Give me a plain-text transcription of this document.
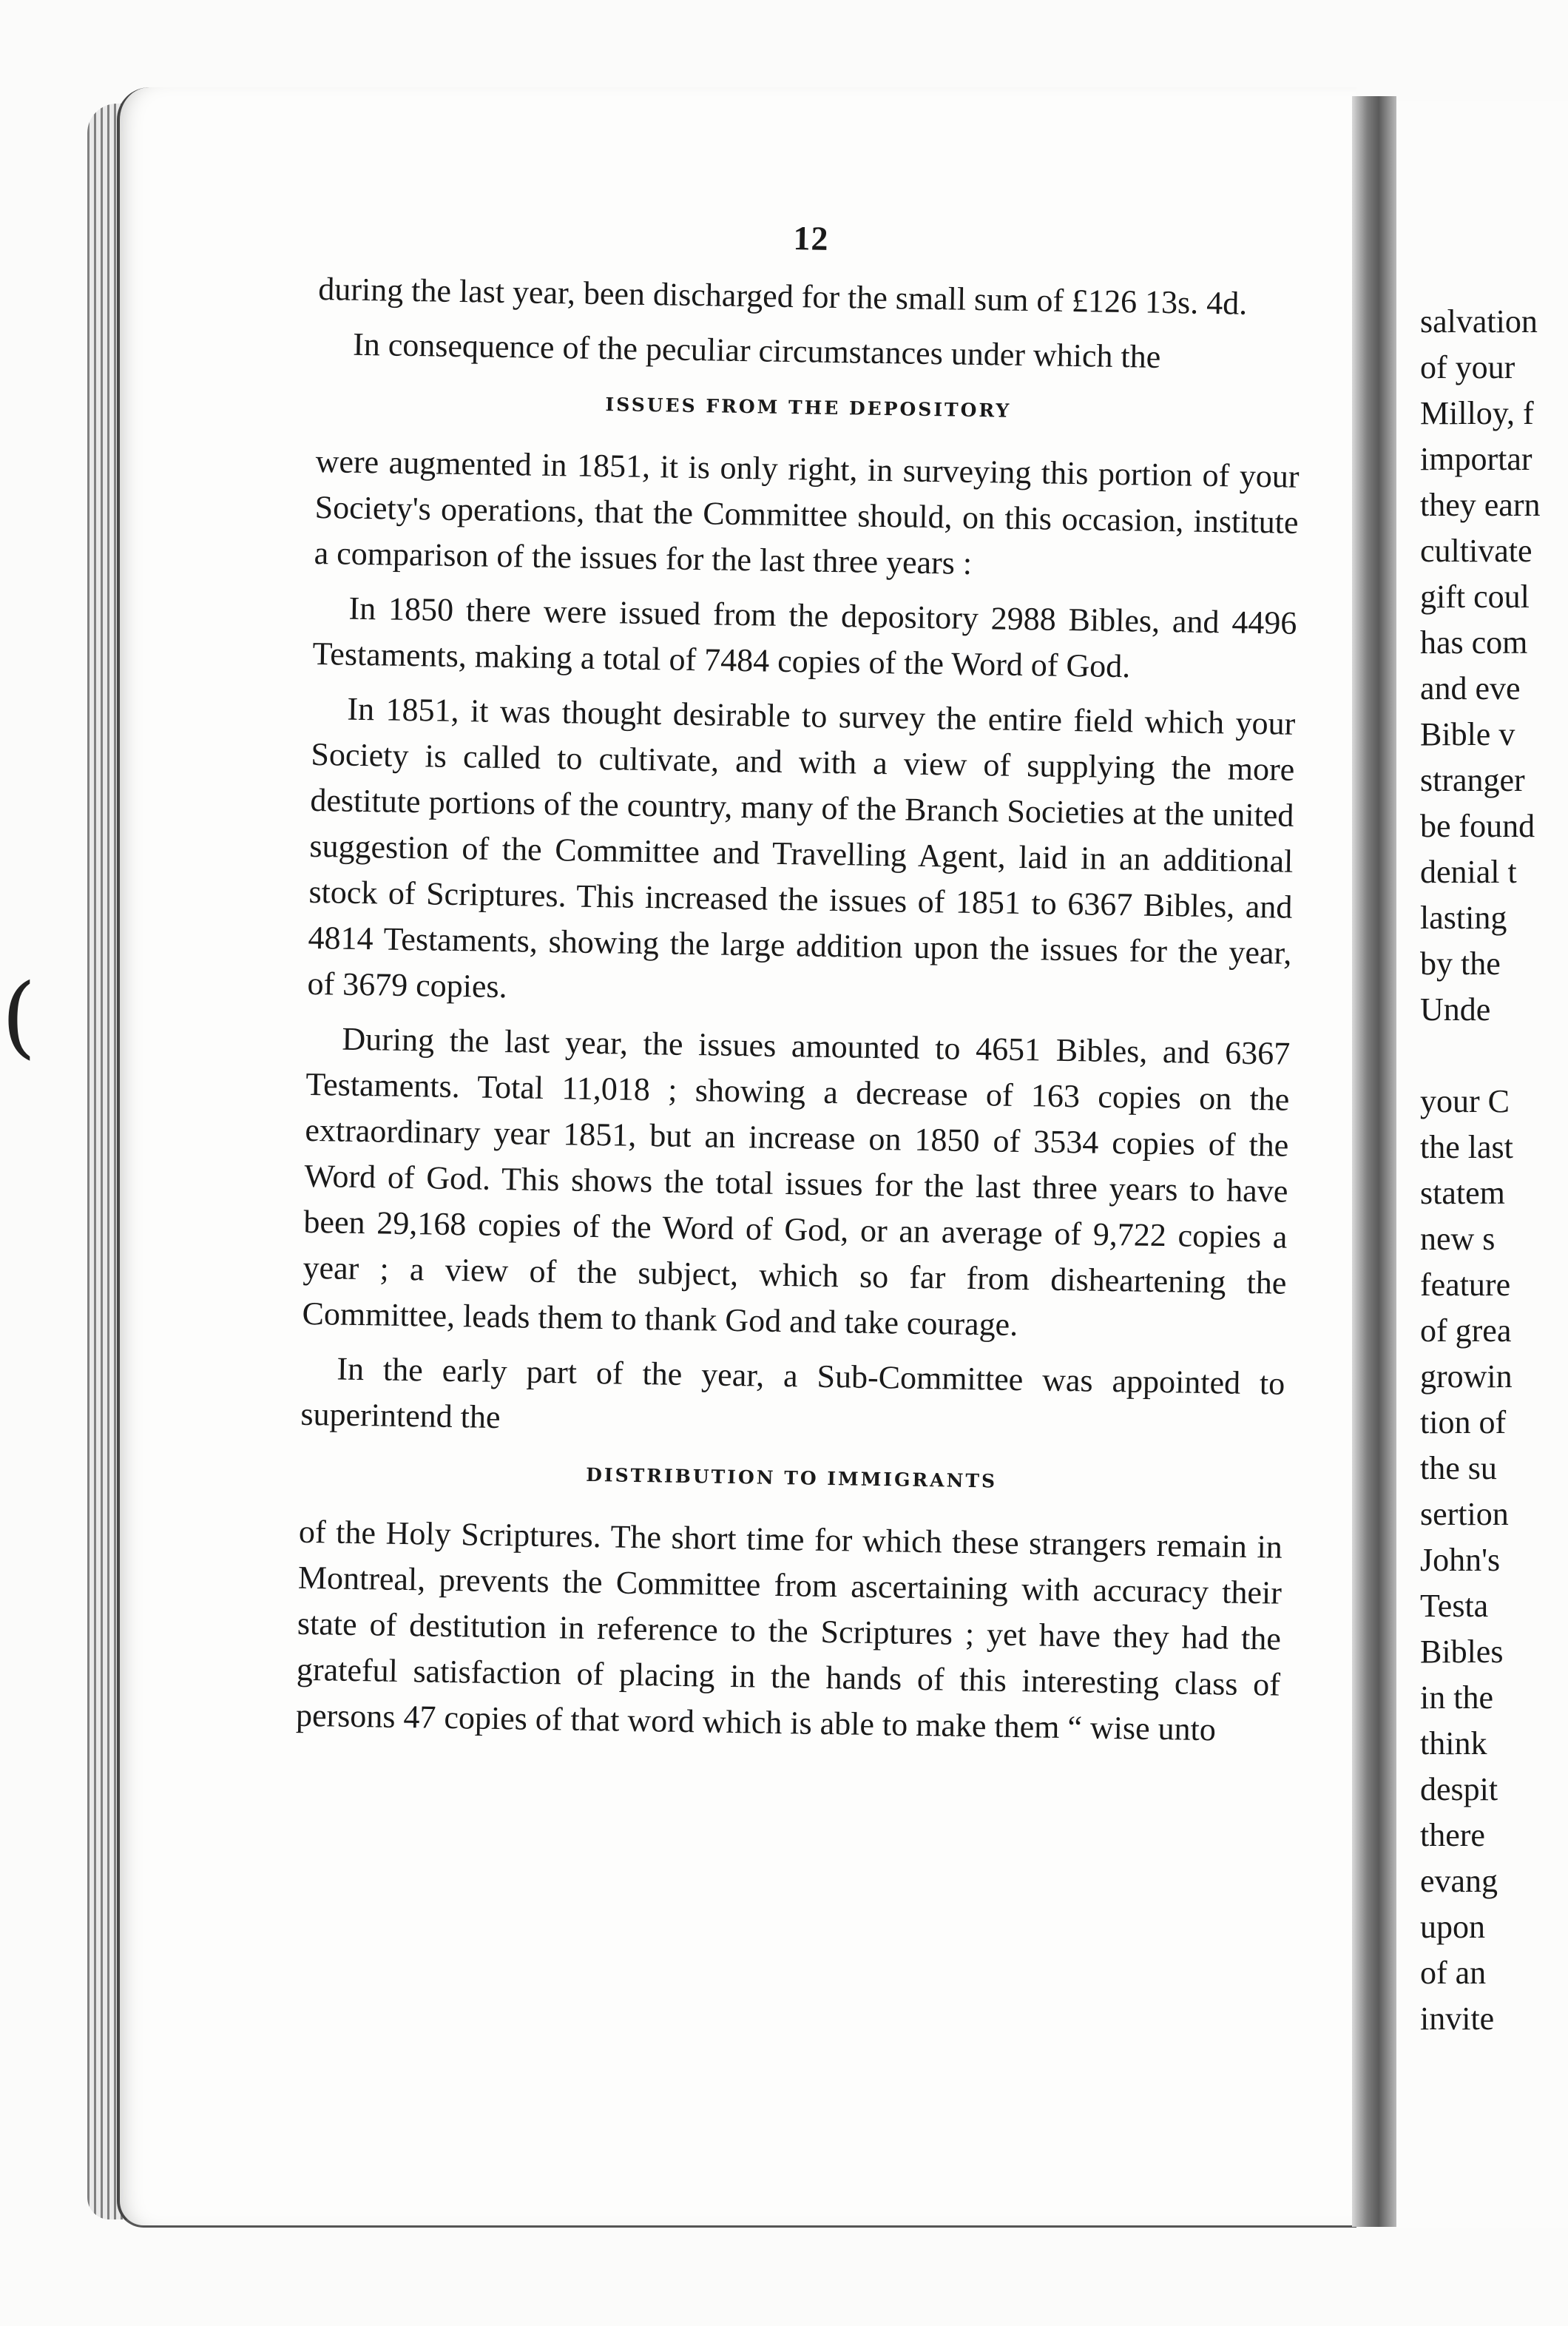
salvation
of your
Milloy, f
importar
they earn
cultivate
gift coul
has com
and eve
Bible v
stranger
be found
denial t
lasting
by the
Unde
your C
the last
statem
new s
feature
of grea
growin
tion of
the su
sertion
John's
Testa
Bibles
in the
think
despit
there
evang
upon
of an
invite
(
12

during the last year, been discharged for the small sum of £126 13s. 4d.

In consequence of the peculiar circumstances under which the

ISSUES FROM THE DEPOSITORY

were augmented in 1851, it is only right, in surveying this portion of your Society's operations, that the Committee should, on this occasion, institute a comparison of the issues for the last three years :

In 1850 there were issued from the depository 2988 Bibles, and 4496 Testaments, making a total of 7484 copies of the Word of God.

In 1851, it was thought desirable to survey the entire field which your Society is called to cultivate, and with a view of supplying the more destitute portions of the country, many of the Branch Societies at the united suggestion of the Committee and Travelling Agent, laid in an additional stock of Scriptures. This increased the issues of 1851 to 6367 Bibles, and 4814 Testaments, showing the large addition upon the issues for the year, of 3679 copies.

During the last year, the issues amounted to 4651 Bibles, and 6367 Testaments. Total 11,018 ; showing a decrease of 163 copies on the extraordinary year 1851, but an increase on 1850 of 3534 copies of the Word of God. This shows the total issues for the last three years to have been 29,168 copies of the Word of God, or an average of 9,722 copies a year ; a view of the subject, which so far from disheartening the Committee, leads them to thank God and take courage.

In the early part of the year, a Sub-Committee was appointed to superintend the

DISTRIBUTION TO IMMIGRANTS

of the Holy Scriptures. The short time for which these strangers remain in Montreal, prevents the Committee from ascertaining with accuracy their state of destitution in reference to the Scriptures ; yet have they had the grateful satisfaction of placing in the hands of this interesting class of persons 47 copies of that word which is able to make them “ wise unto
